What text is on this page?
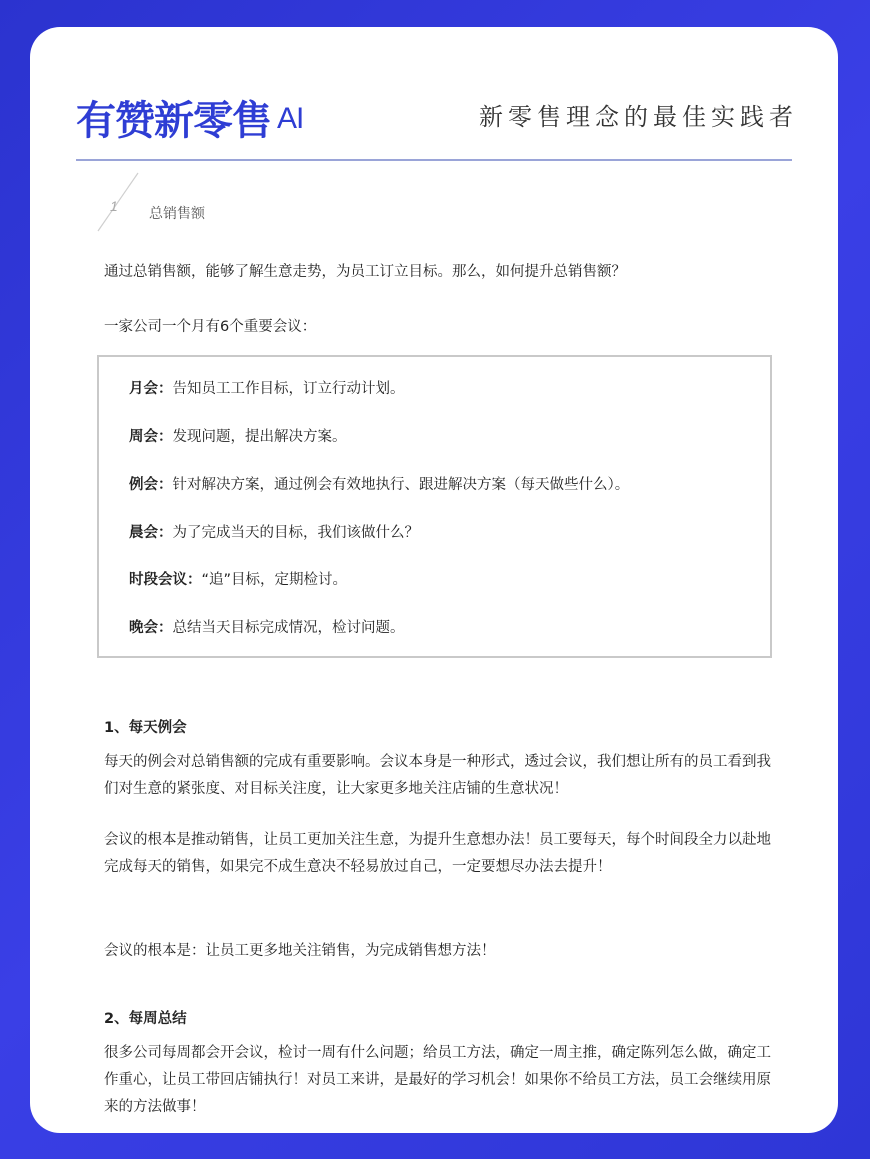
有赞新零售 AI	新零售理念的最佳实践者
1 总销售额
通过总销售额，能够了解生意走势，为员工订立目标。那么，如何提升总销售额？
一家公司一个月有6个重要会议：
月会：告知员工工作目标，订立行动计划。
周会：发现问题，提出解决方案。
例会：针对解决方案，通过例会有效地执行、跟进解决方案（每天做些什么）。
晨会：为了完成当天的目标，我们该做什么？
时段会议：“追”目标，定期检讨。
晚会：总结当天目标完成情况，检讨问题。
1、每天例会
每天的例会对总销售额的完成有重要影响。会议本身是一种形式，透过会议，我们想让所有的员工看到我们对生意的紧张度、对目标关注度，让大家更多地关注店铺的生意状况！
会议的根本是推动销售，让员工更加关注生意，为提升生意想办法！员工要每天，每个时间段全力以赴地完成每天的销售，如果完不成生意决不轻易放过自己，一定要想尽办法去提升！
会议的根本是：让员工更多地关注销售，为完成销售想方法！
2、每周总结
很多公司每周都会开会议，检讨一周有什么问题；给员工方法，确定一周主推，确定陈列怎么做，确定工作重心，让员工带回店铺执行！对员工来讲，是最好的学习机会！如果你不给员工方法，员工会继续用原来的方法做事！
